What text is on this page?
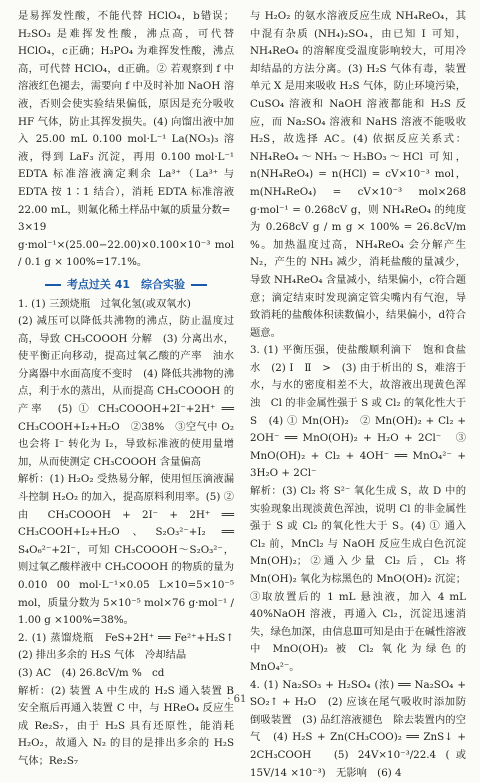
是易挥发性酸，不能代替 HClO₄，b错误；H₂SO₃ 是难挥发性酸，沸点高，可代替 HClO₄，c正确；H₃PO₄ 为难挥发性酸，沸点高，可代替 HClO₄，d正确。② 若观察到 f 中溶液红色褪去，需要向 f 中及时补加 NaOH 溶液，否则会使实验结果偏低，原因是充分吸收 HF 气体，防止其挥发损失。(4) 向馏出液中加入 25.00 mL 0.100 mol·L⁻¹ La(NO₃)₃ 溶液，得到 LaF₃ 沉淀，再用 0.100 mol·L⁻¹ EDTA 标准溶液滴定剩余 La³⁺（La³⁺ 与 EDTA 按 1∶1 结合），消耗 EDTA 标准溶液 22.00 mL，则氟化稀土样品中氟的质量分数=

3×19 g·mol⁻¹×(25.00−22.00)×0.100×10⁻³ mol / 0.1 g × 100%=17.1%。

考点过关 41　综合实验

1. (1) 三颈烧瓶　过氧化氢(或双氧水)

(2) 减压可以降低共沸物的沸点，防止温度过高，导致 CH₃COOOH 分解　(3) 分离出水，使平衡正向移动，提高过氧乙酸的产率　油水分离器中水面高度不变时　(4) 降低共沸物的沸点，利于水的蒸出，从而提高 CH₃COOOH 的产率　(5) ① CH₃COOOH+2I⁻+2H⁺ ══ CH₃COOH+I₂+H₂O　②38%　③空气中 O₂ 也会将 I⁻ 转化为 I₂，导致标准液的使用量增加，从而使测定 CH₃COOOH 含量偏高

解析：(1) H₂O₂ 受热易分解，使用恒压滴液漏斗控制 H₂O₂ 的加入，提高原料利用率。(5) ② 由 CH₃COOOH + 2I⁻ + 2H⁺ ══ CH₃COOH+I₂+H₂O、S₂O₃²⁻+I₂ ══ S₄O₆²⁻+2I⁻，可知 CH₃COOOH～S₂O₃²⁻，则过氧乙酸样液中 CH₃COOOH 的物质的量为 0.010 00 mol·L⁻¹×0.05 L×10=5×10⁻⁵ mol，质量分数为 5×10⁻⁵ mol×76 g·mol⁻¹ / 1.00 g ×100%=38%。

2. (1) 蒸馏烧瓶　FeS+2H⁺ ══ Fe²⁺+H₂S↑　(2) 排出多余的 H₂S 气体　冷却结晶

(3) AC　(4) 26.8cV/m %　cd

解析：(2) 装置 A 中生成的 H₂S 通入装置 B 安全瓶后再通入装置 C 中，与 HReO₄ 反应生成 Re₂S₇，由于 H₂S 具有还原性，能消耗 H₂O₂，故通入 N₂ 的目的是排出多余的 H₂S 气体；Re₂S₇

与 H₂O₂ 的氨水溶液反应生成 NH₄ReO₄，其中混有杂质 (NH₄)₂SO₄，由已知 Ⅰ 可知，NH₄ReO₄ 的溶解度受温度影响较大，可用冷却结晶的方法分离。(3) H₂S 气体有毒，装置单元 X 是用来吸收 H₂S 气体，防止环境污染，CuSO₄ 溶液和 NaOH 溶液都能和 H₂S 反应，而 Na₂SO₄ 溶液和 NaHS 溶液不能吸收 H₂S，故选择 AC。(4) 依据反应关系式：NH₄ReO₄～NH₃～H₃BO₃～HCl 可知，n(NH₄ReO₄) = n(HCl) = cV×10⁻³ mol，m(NH₄ReO₄) = cV×10⁻³ mol×268 g·mol⁻¹ = 0.268cV g，则 NH₄ReO₄ 的纯度为 0.268cV g / m g × 100% = 26.8cV/m %。加热温度过高，NH₄ReO₄ 会分解产生 N₂，产生的 NH₃ 减少，消耗盐酸的量减少，导致 NH₄ReO₄ 含量减小，结果偏小，c符合题意；滴定结束时发现滴定管尖嘴内有气泡，导致消耗的盐酸体积读数偏小，结果偏小，d符合题意。

3. (1) 平衡压强，使盐酸顺利滴下　饱和食盐水　(2) Ⅰ　Ⅱ　>　(3) 由于析出的 S，难溶于水，与水的密度相差不大，故溶液出现黄色浑浊　Cl 的非金属性强于 S 或 Cl₂ 的氧化性大于 S　(4) ① Mn(OH)₂　② Mn(OH)₂ + Cl₂ + 2OH⁻ ══ MnO(OH)₂ + H₂O + 2Cl⁻　③ MnO(OH)₂ + Cl₂ + 4OH⁻ ══ MnO₄²⁻ + 3H₂O + 2Cl⁻

解析：(3) Cl₂ 将 S²⁻ 氧化生成 S，故 D 中的实验现象出现淡黄色浑浊，说明 Cl 的非金属性强于 S 或 Cl₂ 的氧化性大于 S。(4) ① 通入 Cl₂ 前，MnCl₂ 与 NaOH 反应生成白色沉淀 Mn(OH)₂；②通入少量 Cl₂ 后，Cl₂ 将 Mn(OH)₂ 氧化为棕黑色的 MnO(OH)₂ 沉淀；③取放置后的 1 mL 悬浊液，加入 4 mL 40%NaOH 溶液，再通入 Cl₂，沉淀迅速消失，绿色加深，由信息Ⅲ可知是由于在碱性溶液中 MnO(OH)₂ 被 Cl₂ 氧化为绿色的 MnO₄²⁻。

4. (1) Na₂SO₃ + H₂SO₄ (浓) ══ Na₂SO₄ + SO₂↑ + H₂O　(2) 应该在尾气吸收时添加防倒吸装置　(3) 品红溶液褪色　除去装置内的空气　(4) H₂S + Zn(CH₃COO)₂ ══ ZnS↓ + 2CH₃COOH　(5) 24V×10⁻³/22.4 (或 15V/14 ×10⁻³)　无影响　(6) 4

· 61 ·
